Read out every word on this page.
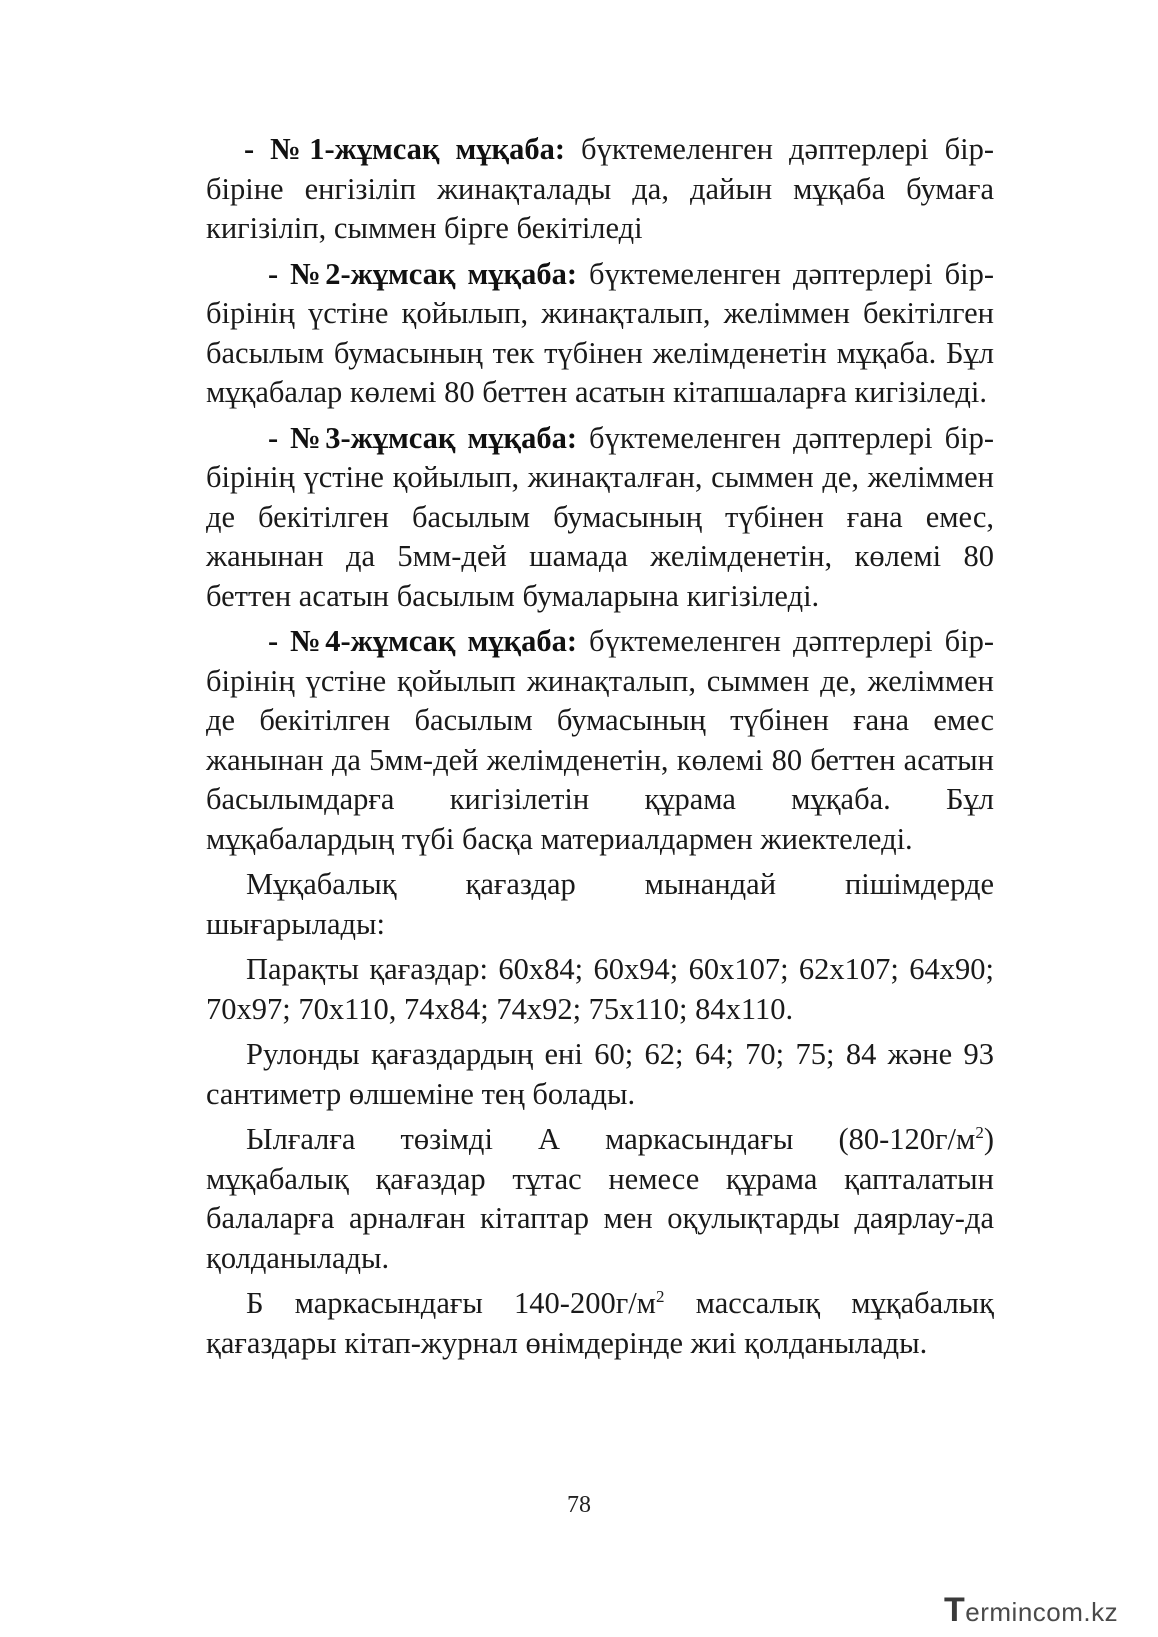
- №1-жұмсақ мұқаба: бүктемеленген дәптерлері бір-біріне енгізіліп жинақталады да, дайын мұқаба бумаға кигізіліп, сыммен бірге бекітіледі

- №2-жұмсақ мұқаба: бүктемеленген дәптерлері бір-бірінің үстіне қойылып, жинақталып, желіммен бекітілген басылым бумасының тек түбінен желімденетін мұқаба. Бұл мұқабалар көлемі 80 беттен асатын кітапшаларға кигізіледі.

- №3-жұмсақ мұқаба: бүктемеленген дәптерлері бір-бірінің үстіне қойылып, жинақталған, сыммен де, желіммен де бекітілген басылым бумасының түбінен ғана емес, жанынан да 5мм-дей шамада желімденетін, көлемі 80 беттен асатын басылым бумаларына кигізіледі.

- №4-жұмсақ мұқаба: бүктемеленген дәптерлері бір-бірінің үстіне қойылып жинақталып, сыммен де, желіммен де бекітілген басылым бумасының түбінен ғана емес жанынан да 5мм-дей желімденетін, көлемі 80 беттен асатын басылымдарға кигізілетін құрама мұқаба. Бұл мұқабалардың түбі басқа материалдармен жиектеледі.

Мұқабалық қағаздар мынандай пішімдерде шығарылады:

Парақты қағаздар: 60х84; 60х94; 60х107; 62х107; 64х90; 70х97; 70х110, 74х84; 74х92; 75х110; 84х110.

Рулонды қағаздардың ені 60; 62; 64; 70; 75; 84 және 93 сантиметр өлшеміне тең болады.

Ылғалға төзімді А маркасындағы $(80-120г/м^2)$ мұқабалық қағаздар тұтас немесе құрама қапталатын балаларға арналған кітаптар мен оқулықтарды даярлау-да қолданылады.

Б маркасындағы $140-200г/м^2$ массалық мұқабалық қағаздары кітап-журнал өнімдерінде жиі қолданылады.

78
Termincom.kz
